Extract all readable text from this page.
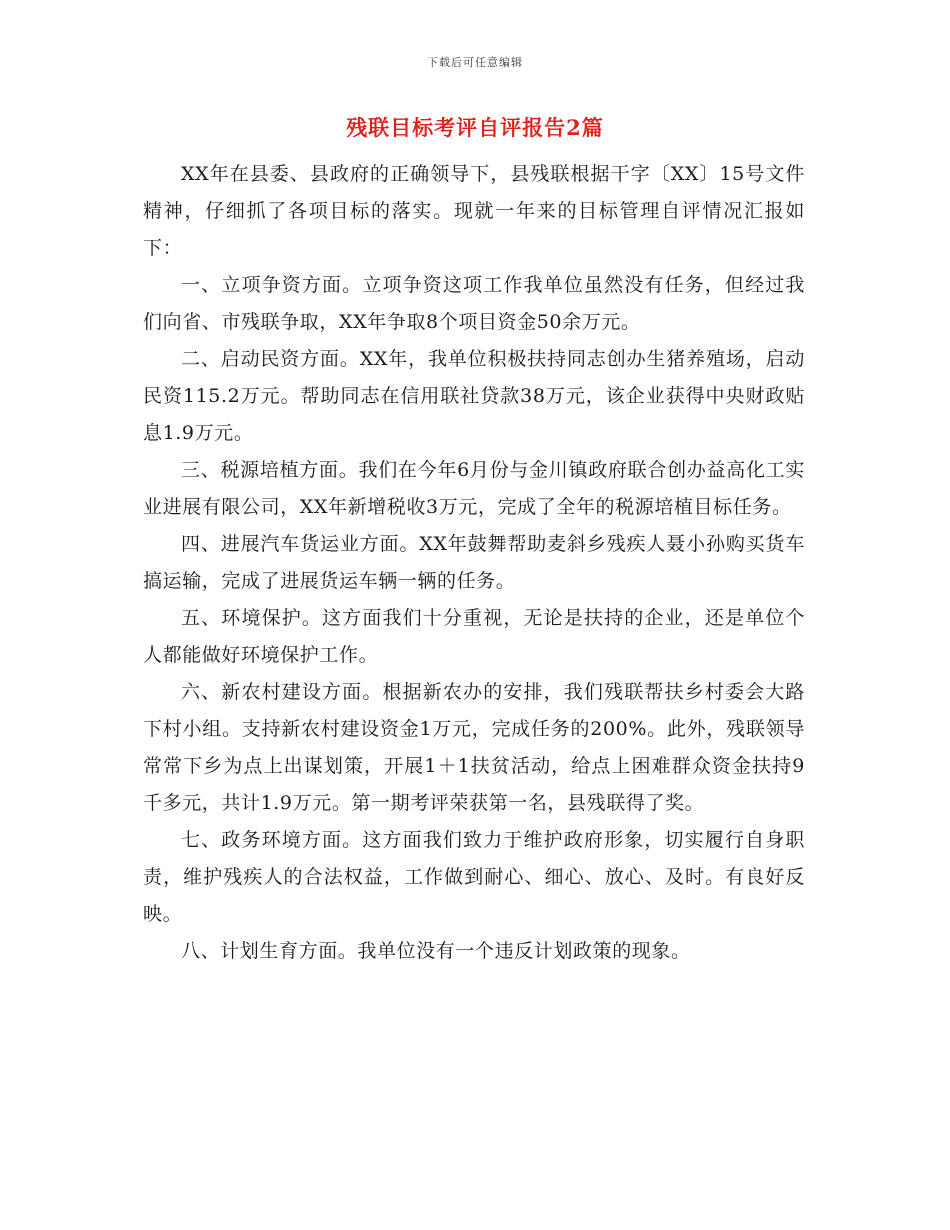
下载后可任意编辑
残联目标考评自评报告2篇

XX年在县委、县政府的正确领导下，县残联根据干字〔XX〕15号文件精神，仔细抓了各项目标的落实。现就一年来的目标管理自评情况汇报如下：

一、立项争资方面。立项争资这项工作我单位虽然没有任务，但经过我们向省、市残联争取，XX年争取8个项目资金50余万元。

二、启动民资方面。XX年，我单位积极扶持同志创办生猪养殖场，启动民资115.2万元。帮助同志在信用联社贷款38万元，该企业获得中央财政贴息1.9万元。

三、税源培植方面。我们在今年6月份与金川镇政府联合创办益高化工实业进展有限公司，XX年新增税收3万元，完成了全年的税源培植目标任务。

四、进展汽车货运业方面。XX年鼓舞帮助麦斜乡残疾人聂小孙购买货车搞运输，完成了进展货运车辆一辆的任务。

五、环境保护。这方面我们十分重视，无论是扶持的企业，还是单位个人都能做好环境保护工作。

六、新农村建设方面。根据新农办的安排，我们残联帮扶乡村委会大路下村小组。支持新农村建设资金1万元，完成任务的200%。此外，残联领导常常下乡为点上出谋划策，开展1＋1扶贫活动，给点上困难群众资金扶持9千多元，共计1.9万元。第一期考评荣获第一名，县残联得了奖。

七、政务环境方面。这方面我们致力于维护政府形象，切实履行自身职责，维护残疾人的合法权益，工作做到耐心、细心、放心、及时。有良好反映。

八、计划生育方面。我单位没有一个违反计划政策的现象。
